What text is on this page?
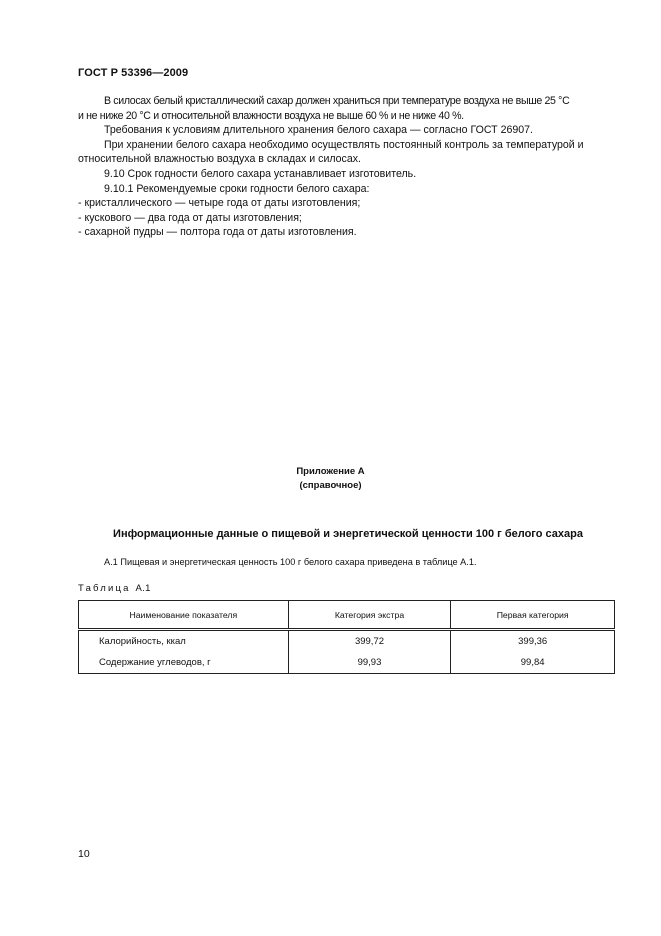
ГОСТ Р 53396—2009

В силосах белый кристаллический сахар должен храниться при температуре воздуха не выше 25 °С

и не ниже 20 °С и относительной влажности воздуха не выше 60 % и не ниже 40 %.

Требования к условиям длительного хранения белого сахара — согласно ГОСТ 26907.

При хранении белого сахара необходимо осуществлять постоянный контроль за температурой и

относительной влажностью воздуха в складах и силосах.

9.10 Срок годности белого сахара устанавливает изготовитель.

9.10.1 Рекомендуемые сроки годности белого сахара:

- кристаллического — четыре года от даты изготовления;

- кускового — два года от даты изготовления;

- сахарной пудры — полтора года от даты изготовления.

Приложение А
(справочное)
Информационные данные о пищевой и энергетической ценности 100 г белого сахара
А.1 Пищевая и энергетическая ценность 100 г белого сахара приведена в таблице А.1.
Таблица А.1
Наименование показателя	Категория экстра	Первая категория
Калорийность, ккал	399,72	399,36
Содержание углеводов, г	99,93	99,84
10
